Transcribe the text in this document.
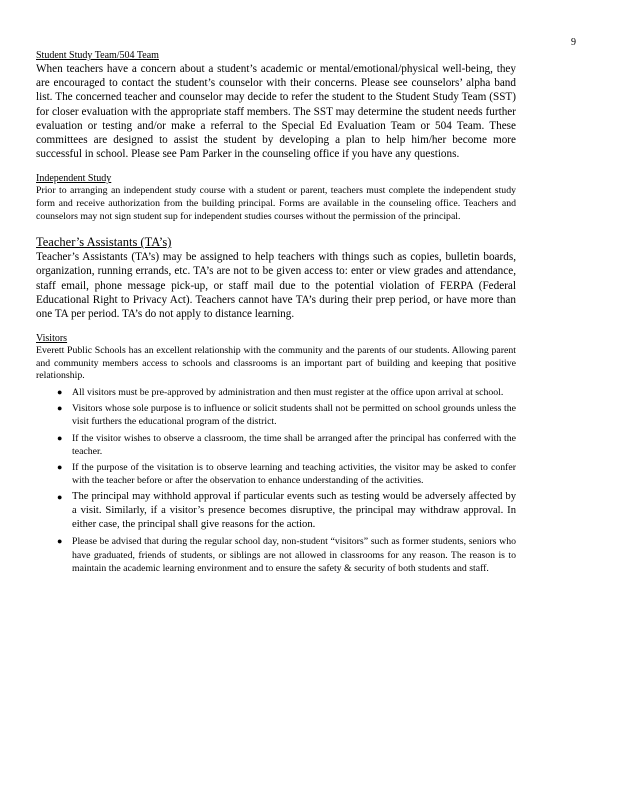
9
Student Study Team/504 Team

When teachers have a concern about a student’s academic or mental/emotional/physical well-being, they are encouraged to contact the student’s counselor with their concerns. Please see counselors’ alpha band list. The concerned teacher and counselor may decide to refer the student to the Student Study Team (SST) for closer evaluation with the appropriate staff members. The SST may determine the student needs further evaluation or testing and/or make a referral to the Special Ed Evaluation Team or 504 Team. These committees are designed to assist the student by developing a plan to help him/her become more successful in school. Please see Pam Parker in the counseling office if you have any questions.

Independent Study

Prior to arranging an independent study course with a student or parent, teachers must complete the independent study form and receive authorization from the building principal. Forms are available in the counseling office. Teachers and counselors may not sign student sup for independent studies courses without the permission of the principal.

Teacher’s Assistants (TA’s)

Teacher’s Assistants (TA’s) may be assigned to help teachers with things such as copies, bulletin boards, organization, running errands, etc. TA’s are not to be given access to: enter or view grades and attendance, staff email, phone message pick-up, or staff mail due to the potential violation of FERPA (Federal Educational Right to Privacy Act). Teachers cannot have TA’s during their prep period, or have more than one TA per period. TA’s do not apply to distance learning.

Visitors

Everett Public Schools has an excellent relationship with the community and the parents of our students. Allowing parent and community members access to schools and classrooms is an important part of building and keeping that positive relationship.

● All visitors must be pre-approved by administration and then must register at the office upon arrival at school.
● Visitors whose sole purpose is to influence or solicit students shall not be permitted on school grounds unless the visit furthers the educational program of the district.
● If the visitor wishes to observe a classroom, the time shall be arranged after the principal has conferred with the teacher.
● If the purpose of the visitation is to observe learning and teaching activities, the visitor may be asked to confer with the teacher before or after the observation to enhance understanding of the activities.
● The principal may withhold approval if particular events such as testing would be adversely affected by a visit. Similarly, if a visitor’s presence becomes disruptive, the principal may withdraw approval. In either case, the principal shall give reasons for the action.
● Please be advised that during the regular school day, non-student “visitors” such as former students, seniors who have graduated, friends of students, or siblings are not allowed in classrooms for any reason. The reason is to maintain the academic learning environment and to ensure the safety & security of both students and staff.
